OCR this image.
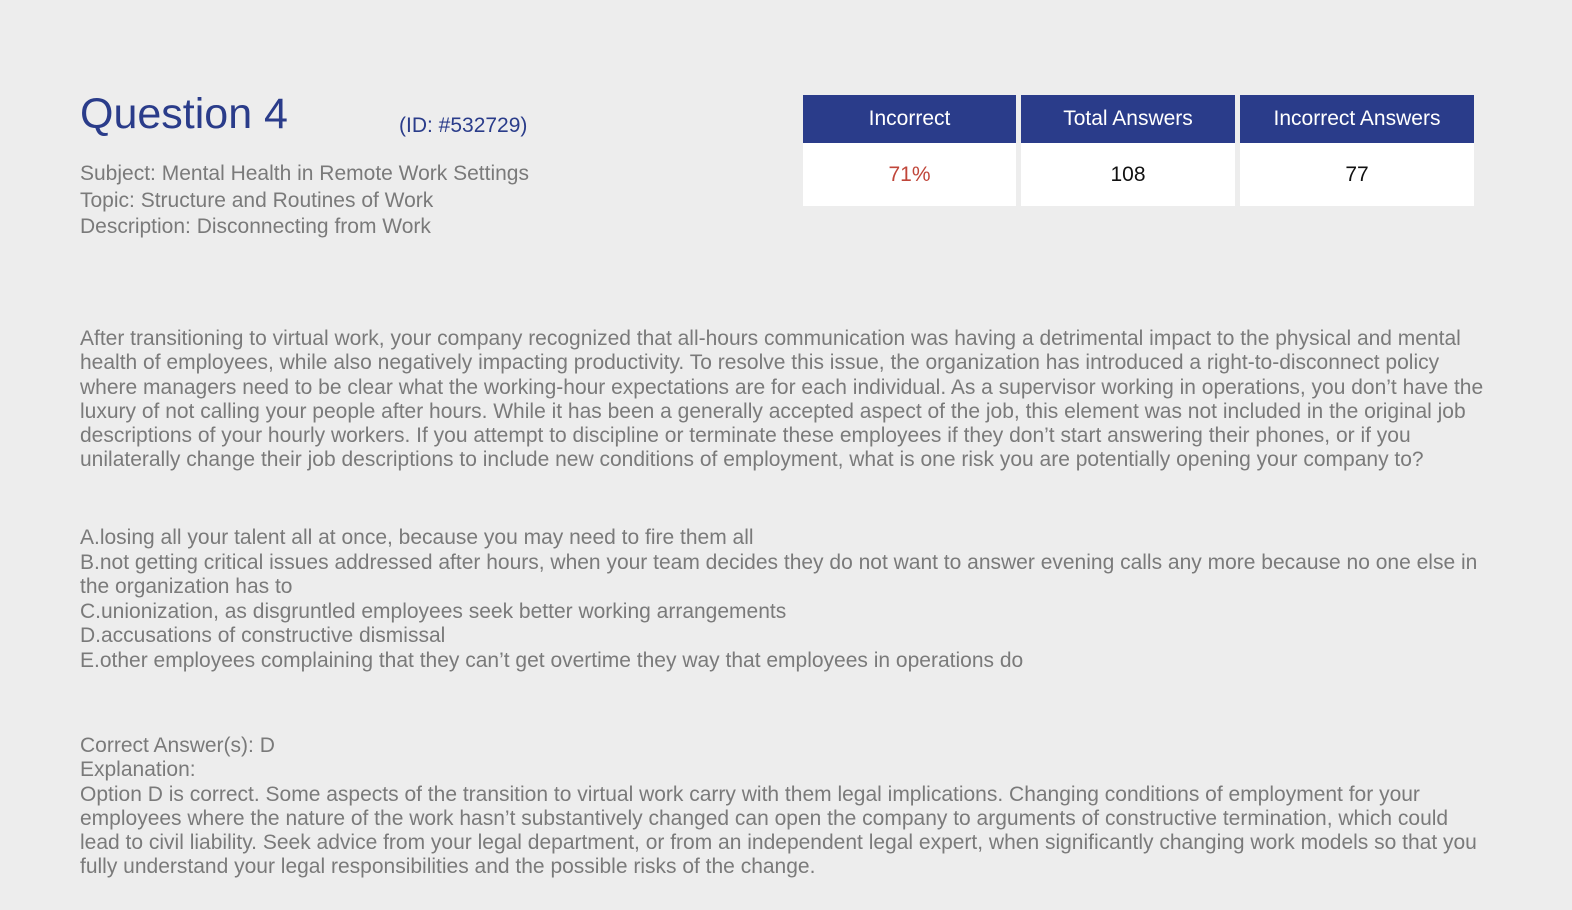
Question 4	(ID: #532729)
Subject: Mental Health in Remote Work Settings
Topic: Structure and Routines of Work
Description: Disconnecting from Work
Incorrect
71%
Total Answers
108
Incorrect Answers
77
After transitioning to virtual work, your company recognized that all-hours communication was having a detrimental impact to the physical and mental health of employees, while also negatively impacting productivity. To resolve this issue, the organization has introduced a right-to-disconnect policy where managers need to be clear what the working-hour expectations are for each individual. As a supervisor working in operations, you don’t have the luxury of not calling your people after hours. While it has been a generally accepted aspect of the job, this element was not included in the original job descriptions of your hourly workers. If you attempt to discipline or terminate these employees if they don’t start answering their phones, or if you unilaterally change their job descriptions to include new conditions of employment, what is one risk you are potentially opening your company to?
A.losing all your talent all at once, because you may need to fire them all
B.not getting critical issues addressed after hours, when your team decides they do not want to answer evening calls any more because no one else in the organization has to
C.unionization, as disgruntled employees seek better working arrangements
D.accusations of constructive dismissal
E.other employees complaining that they can’t get overtime they way that employees in operations do
Correct Answer(s): D
Explanation:
Option D is correct. Some aspects of the transition to virtual work carry with them legal implications. Changing conditions of employment for your employees where the nature of the work hasn’t substantively changed can open the company to arguments of constructive termination, which could lead to civil liability. Seek advice from your legal department, or from an independent legal expert, when significantly changing work models so that you fully understand your legal responsibilities and the possible risks of the change.
